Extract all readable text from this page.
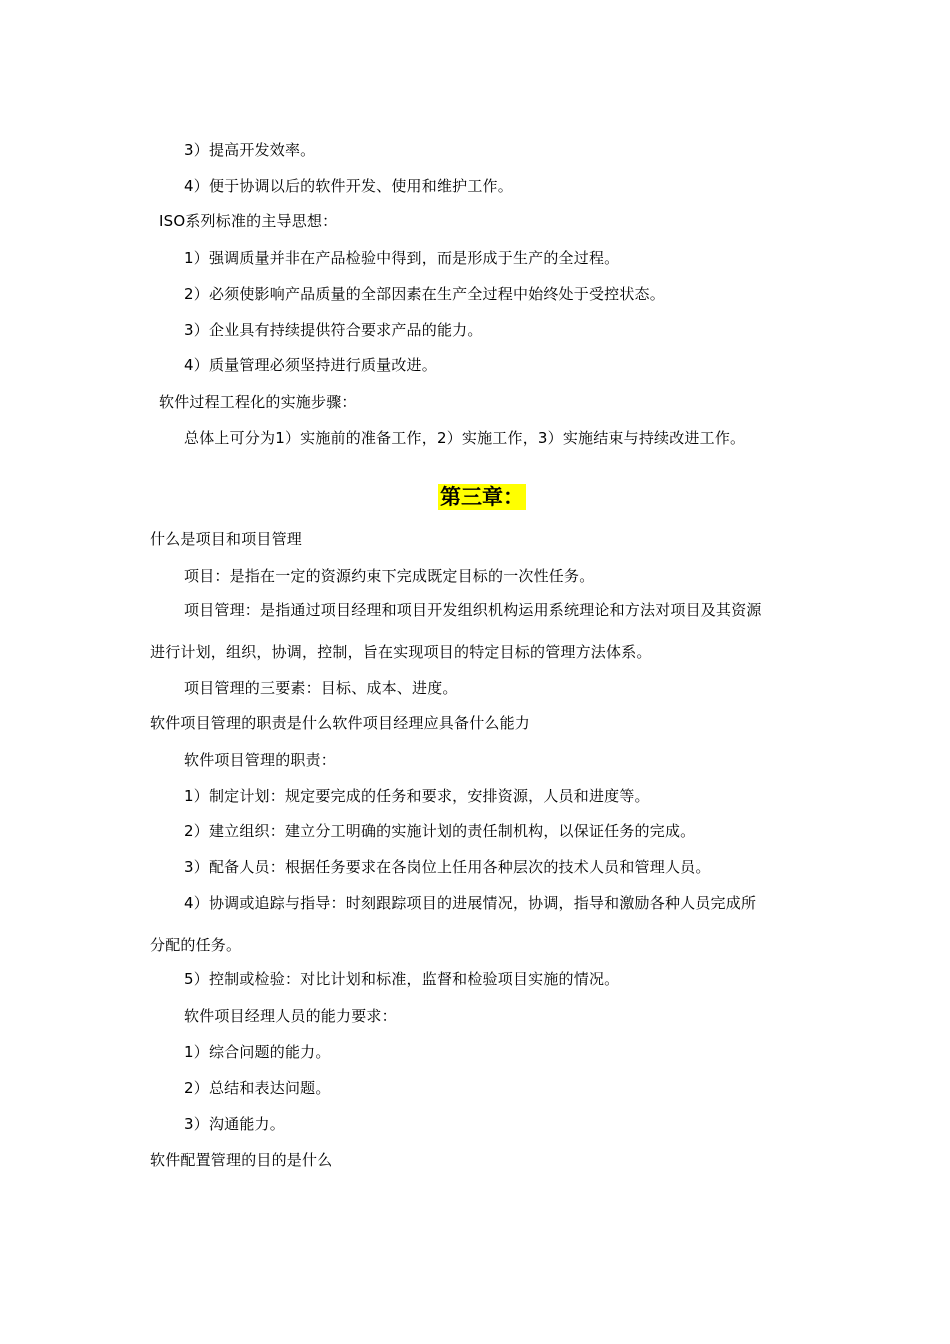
3）提高开发效率。
4）便于协调以后的软件开发、使用和维护工作。
ISO系列标准的主导思想：
1）强调质量并非在产品检验中得到，而是形成于生产的全过程。
2）必须使影响产品质量的全部因素在生产全过程中始终处于受控状态。
3）企业具有持续提供符合要求产品的能力。
4）质量管理必须坚持进行质量改进。
软件过程工程化的实施步骤：
总体上可分为1）实施前的准备工作，2）实施工作，3）实施结束与持续改进工作。
第三章：
什么是项目和项目管理
项目：是指在一定的资源约束下完成既定目标的一次性任务。
项目管理：是指通过项目经理和项目开发组织机构运用系统理论和方法对项目及其资源
进行计划，组织，协调，控制，旨在实现项目的特定目标的管理方法体系。
项目管理的三要素：目标、成本、进度。
软件项目管理的职责是什么软件项目经理应具备什么能力
软件项目管理的职责：
1）制定计划：规定要完成的任务和要求，安排资源，人员和进度等。
2）建立组织：建立分工明确的实施计划的责任制机构，以保证任务的完成。
3）配备人员：根据任务要求在各岗位上任用各种层次的技术人员和管理人员。
4）协调或追踪与指导：时刻跟踪项目的进展情况，协调，指导和激励各种人员完成所
分配的任务。
5）控制或检验：对比计划和标准，监督和检验项目实施的情况。
软件项目经理人员的能力要求：
1）综合问题的能力。
2）总结和表达问题。
3）沟通能力。
软件配置管理的目的是什么
